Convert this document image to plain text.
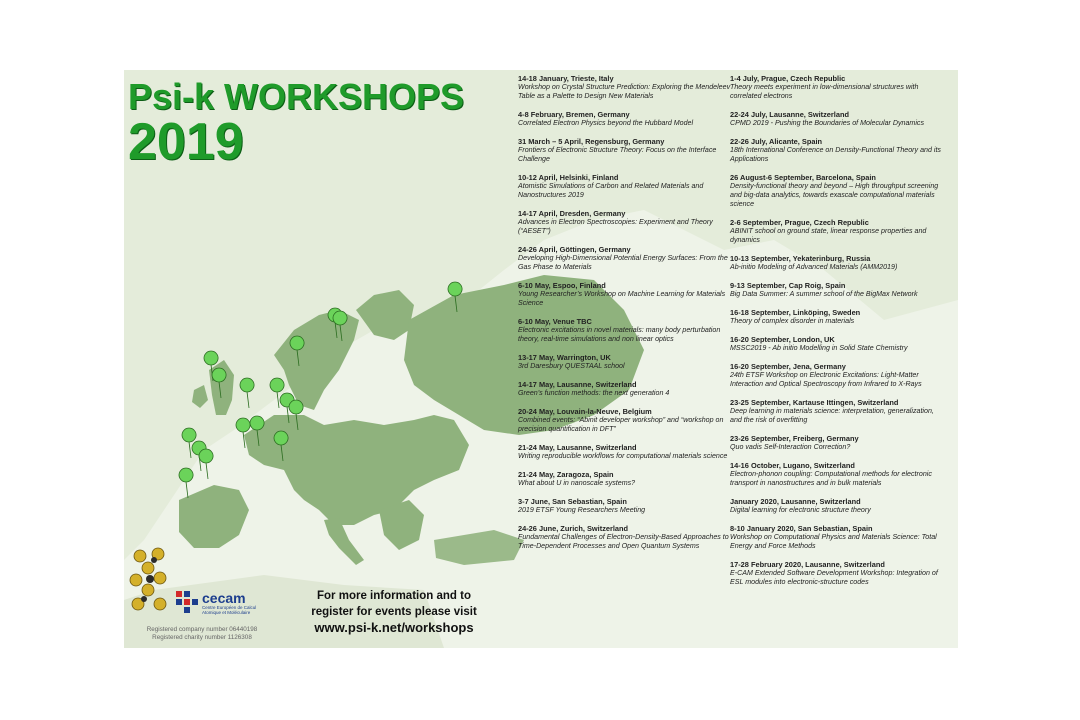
Psi-k WORKSHOPS
2019
14-18 January, Trieste, Italy
Workshop on Crystal Structure Prediction: Exploring the Mendeleev Table as a Palette to Design New Materials
4-8 February, Bremen, Germany
Correlated Electron Physics beyond the Hubbard Model
31 March – 5 April, Regensburg, Germany
Frontiers of Electronic Structure Theory: Focus on the Interface Challenge
10-12 April, Helsinki, Finland
Atomistic Simulations of Carbon and Related Materials and Nanostructures 2019
14-17 April, Dresden, Germany
Advances in Electron Spectroscopies: Experiment and Theory (“AESET”)
24-26 April, Göttingen, Germany
Developing High-Dimensional Potential Energy Surfaces: From the Gas Phase to Materials
6-10 May, Espoo, Finland
Young Researcher’s Workshop on Machine Learning for Materials Science
6-10 May, Venue TBC
Electronic excitations in novel materials: many body perturbation theory, real-time simulations and non linear optics
13-17 May, Warrington, UK
3rd Daresbury QUESTAAL school
14-17 May, Lausanne, Switzerland
Green’s function methods: the next generation 4
20-24 May, Louvain-la-Neuve, Belgium
Combined events: “Abinit developer workshop” and “workshop on precision quantification in DFT”
21-24 May, Lausanne, Switzerland
Writing reproducible workflows for computational materials science
21-24 May, Zaragoza, Spain
What about U in nanoscale systems?
3-7 June, San Sebastian, Spain
2019 ETSF Young Researchers Meeting
24-26 June, Zurich, Switzerland
Fundamental Challenges of Electron-Density-Based Approaches to Time-Dependent Processes and Open Quantum Systems
1-4 July, Prague, Czech Republic
Theory meets experiment in low-dimensional structures with correlated electrons
22-24 July, Lausanne, Switzerland
CPMD 2019 - Pushing the Boundaries of Molecular Dynamics
22-26 July, Alicante, Spain
18th International Conference on Density-Functional Theory and its Applications
26 August-6 September, Barcelona, Spain
Density-functional theory and beyond – High throughput screening and big-data analytics, towards exascale computational materials science
2-6 September, Prague, Czech Republic
ABINIT school on ground state, linear response properties and dynamics
10-13 September, Yekaterinburg, Russia
Ab-initio Modeling of Advanced Materials (AMM2019)
9-13 September, Cap Roig, Spain
Big Data Summer: A summer school of the BigMax Network
16-18 September, Linköping, Sweden
Theory of complex disorder in materials
16-20 September, London, UK
MSSC2019 - Ab initio Modelling in Solid State Chemistry
16-20 September, Jena, Germany
24th ETSF Workshop on Electronic Excitations: Light-Matter Interaction and Optical Spectroscopy from Infrared to X-Rays
23-25 September, Kartause Ittingen, Switzerland
Deep learning in materials science: interpretation, generalization, and the risk of overfitting
23-26 September, Freiberg, Germany
Quo vadis Self-Interaction Correction?
14-16 October, Lugano, Switzerland
Electron-phonon coupling: Computational methods for electronic transport in nanostructures and in bulk materials
January 2020, Lausanne, Switzerland
Digital learning for electronic structure theory
8-10 January 2020, San Sebastian, Spain
Workshop on Computational Physics and Materials Science: Total Energy and Force Methods
17-28 February 2020, Lausanne, Switzerland
E-CAM Extended Software Development Workshop: Integration of ESL modules into electronic-structure codes
cecam
Centre Européen de Calcul Atomique et Moléculaire
Registered company number 06440198
Registered charity number 1126308
For more information and to
register for events please visit
www.psi-k.net/workshops
